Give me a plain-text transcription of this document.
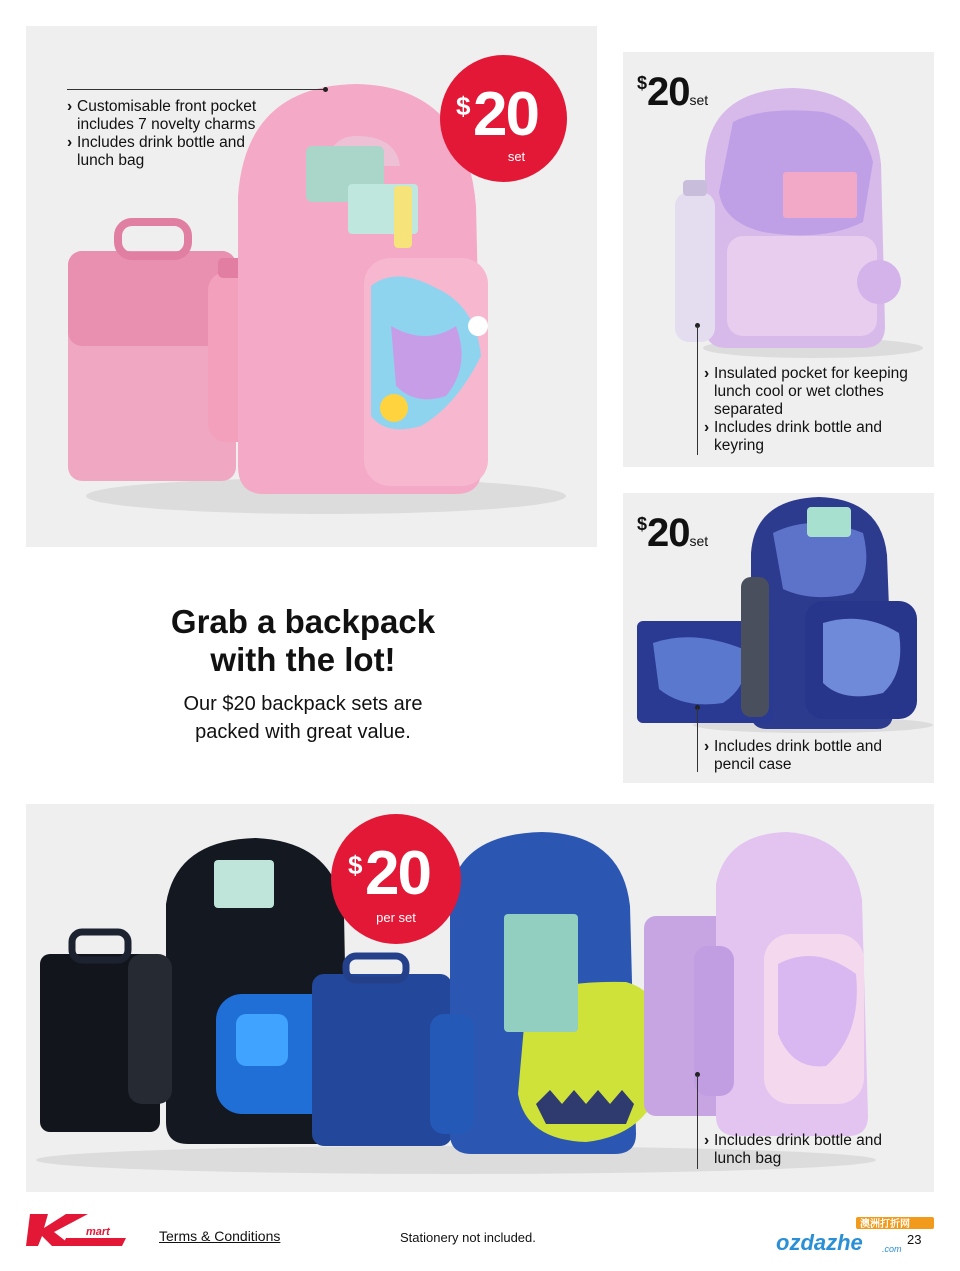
$ 20
set
› Customisable front pocket includes 7 novelty charms
› Includes drink bottle and lunch bag
$20set
› Insulated pocket for keeping lunch cool or wet clothes separated
› Includes drink bottle and keyring
$20set
› Includes drink bottle and pencil case
Grab a backpack
with the lot!
Our $20 backpack sets are
packed with great value.
$ 20
per set
› Includes drink bottle and lunch bag
mart	Terms & Conditions	Stationery not included.
澳洲打折网
ozdazhe .com
23
